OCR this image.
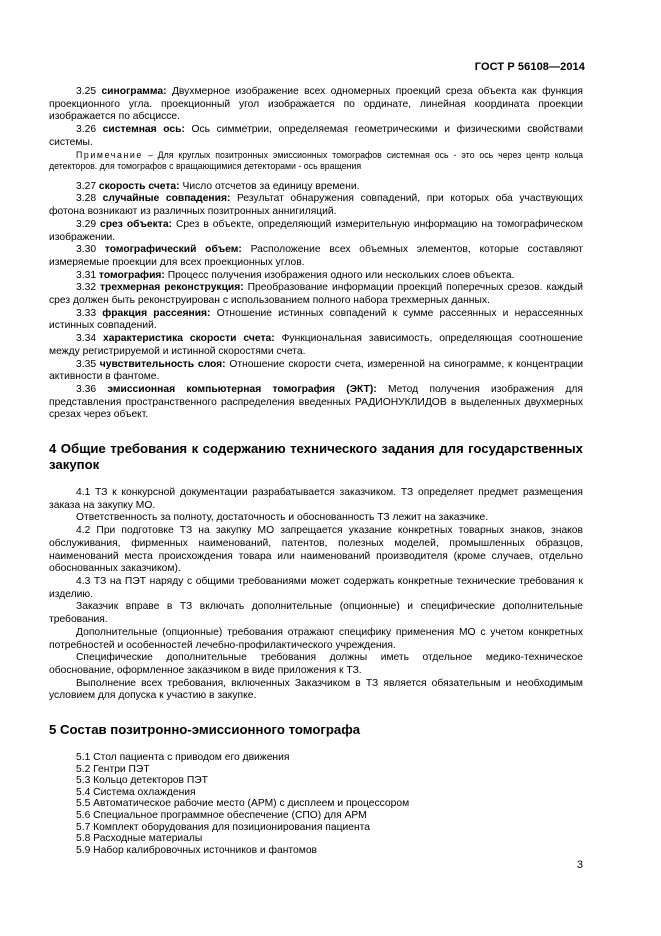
ГОСТ Р 56108—2014

3.25 синограмма: Двухмерное изображение всех одномерных проекций среза объекта как функция проекционного угла. проекционный угол изображается по ординате, линейная координата проекции изображается по абсциссе.

3.26 системная ось: Ось симметрии, определяемая геометрическими и физическими свойствами системы.

Примечание – Для круглых позитронных эмиссионных томографов системная ось - это ось через центр кольца детекторов. для томографов с вращающимися детекторами - ось вращения

3.27 скорость счета: Число отсчетов за единицу времени.

3.28 случайные совпадения: Результат обнаружения совпадений, при которых оба участвующих фотона возникают из различных позитронных аннигиляций.

3.29 срез объекта: Срез в объекте, определяющий измерительную информацию на томографическом изображении.

3.30 томографический объем: Расположение всех объемных элементов, которые составляют измеряемые проекции для всех проекционных углов.

3.31 томография: Процесс получения изображения одного или нескольких слоев объекта.

3.32 трехмерная реконструкция: Преобразование информации проекций поперечных срезов. каждый срез должен быть реконструирован с использованием полного набора трехмерных данных.

3.33 фракция рассеяния: Отношение истинных совпадений к сумме рассеянных и нерассеянных истинных совпадений.

3.34 характеристика скорости счета: Функциональная зависимость, определяющая соотношение между регистрируемой и истинной скоростями счета.

3.35 чувствительность слоя: Отношение скорости счета, измеренной на синограмме, к концентрации активности в фантоме.

3.36 эмиссионная компьютерная томография (ЭКТ): Метод получения изображения для представления пространственного распределения введенных РАДИОНУКЛИДОВ в выделенных двухмерных срезах через объект.

4 Общие требования к содержанию технического задания для государственных закупок

4.1 ТЗ к конкурсной документации разрабатывается заказчиком. ТЗ определяет предмет размещения заказа на закупку МО.

Ответственность за полноту, достаточность и обоснованность ТЗ лежит на заказчике.

4.2 При подготовке ТЗ на закупку МО запрещается указание конкретных товарных знаков, знаков обслуживания, фирменных наименований, патентов, полезных моделей, промышленных образцов, наименований места происхождения товара или наименований производителя (кроме случаев, отдельно обоснованных заказчиком).

4.3 ТЗ на ПЭТ наряду с общими требованиями может содержать конкретные технические требования к изделию.

Заказчик вправе в ТЗ включать дополнительные (опционные) и специфические дополнительные требования.

Дополнительные (опционные) требования отражают специфику применения МО с учетом конкретных потребностей и особенностей лечебно-профилактического учреждения.

Специфические дополнительные требования должны иметь отдельное медико-техническое обоснование, оформленное заказчиком в виде приложения к ТЗ.

Выполнение всех требования, включенных Заказчиком в ТЗ является обязательным и необходимым условием для допуска к участию в закупке.

5 Состав позитронно-эмиссионного томографа
5.1 Стол пациента с приводом его движения
5.2 Гентри ПЭТ
5.3 Кольцо детекторов ПЭТ
5.4 Система охлаждения
5.5 Автоматическое рабочие место (АРМ) с дисплеем и процессором
5.6 Специальное программное обеспечение (СПО) для АРМ
5.7 Комплект оборудования для позиционирования пациента
5.8 Расходные материалы
5.9 Набор калибровочных источников и фантомов
3
